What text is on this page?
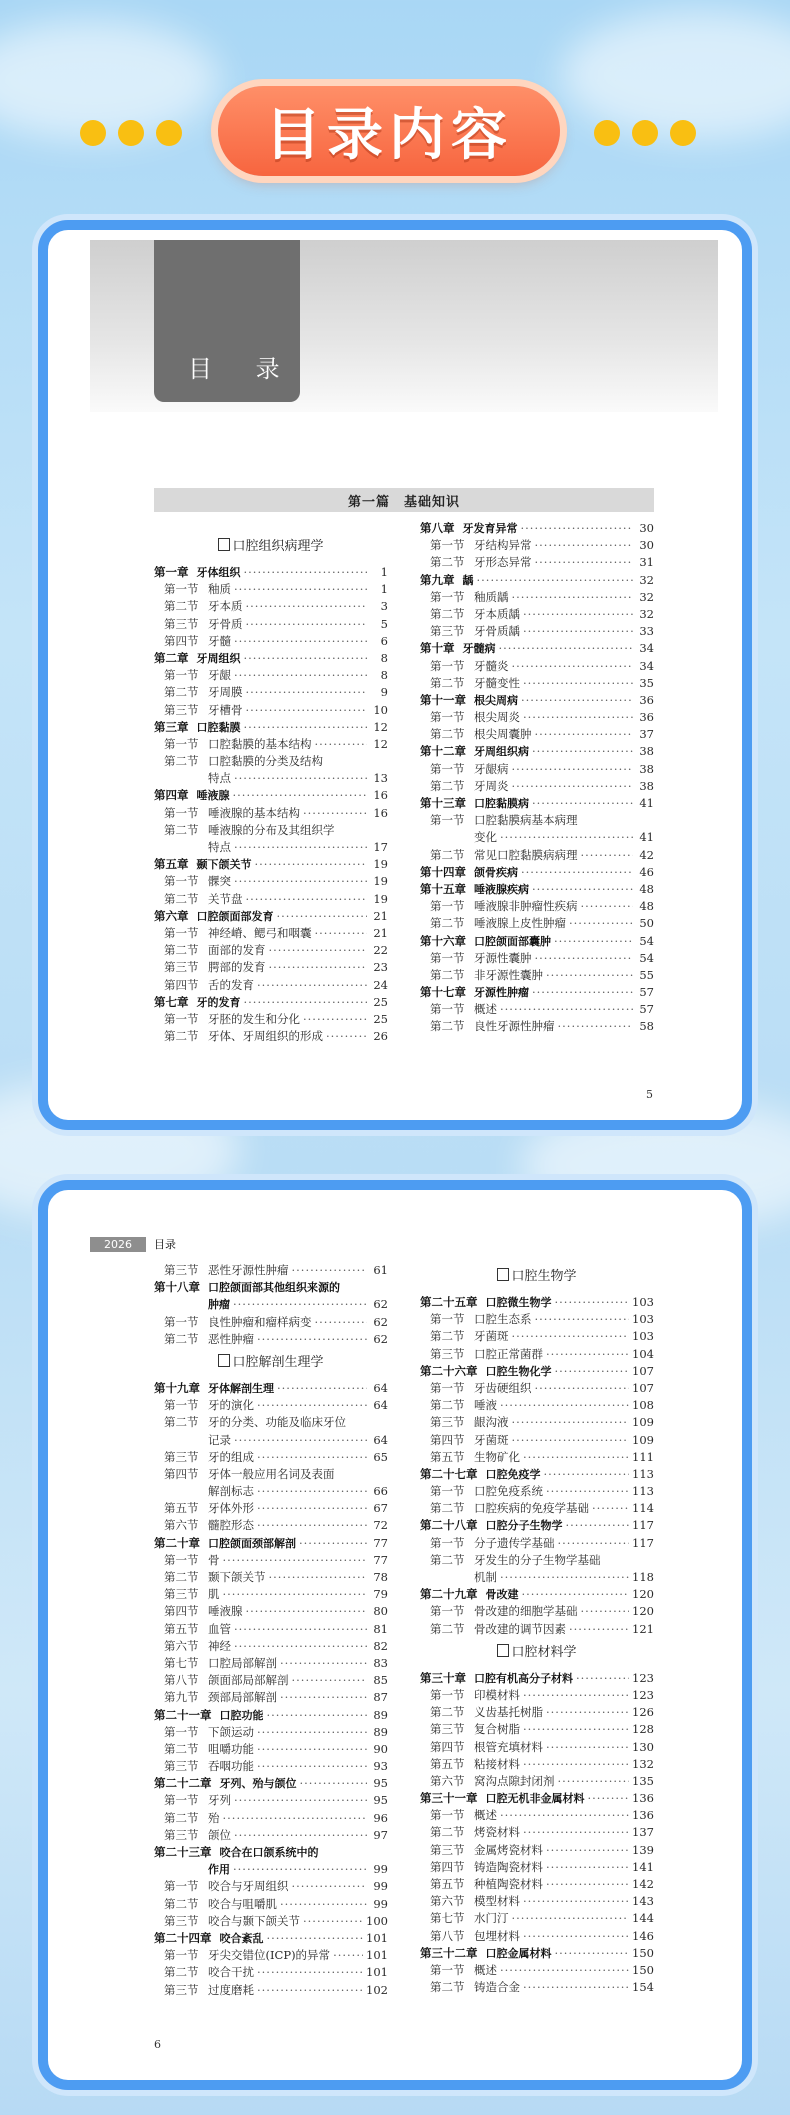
目录内容
目 录
第一篇　基础知识
口腔组织病理学
第一章 牙体组织 ·····	1
第一节 釉质 ·····	1
第二节 牙本质 ·····	3
第三节 牙骨质 ·····	5
第四节 牙髓 ·····	6
第二章 牙周组织 ·····	8
第一节 牙龈 ·····	8
第二节 牙周膜 ·····	9
第三节 牙槽骨 ·····	10
第三章 口腔黏膜 ·····	12
第一节 口腔黏膜的基本结构 ·····	12
第二节 口腔黏膜的分类及结构
特点 ·····	13
第四章 唾液腺 ·····	16
第一节 唾液腺的基本结构 ·····	16
第二节 唾液腺的分布及其组织学
特点 ·····	17
第五章 颞下颌关节 ·····	19
第一节 髁突 ·····	19
第二节 关节盘 ·····	19
第六章 口腔颌面部发育 ·····	21
第一节 神经嵴、鳃弓和咽囊 ·····	21
第二节 面部的发育 ·····	22
第三节 腭部的发育 ·····	23
第四节 舌的发育 ·····	24
第七章 牙的发育 ·····	25
第一节 牙胚的发生和分化 ·····	25
第二节 牙体、牙周组织的形成 ·····	26
第八章 牙发育异常 ·····	30
第一节 牙结构异常 ·····	30
第二节 牙形态异常 ·····	31
第九章 龋 ·····	32
第一节 釉质龋 ·····	32
第二节 牙本质龋 ·····	32
第三节 牙骨质龋 ·····	33
第十章 牙髓病 ·····	34
第一节 牙髓炎 ·····	34
第二节 牙髓变性 ·····	35
第十一章 根尖周病 ·····	36
第一节 根尖周炎 ·····	36
第二节 根尖周囊肿 ·····	37
第十二章 牙周组织病 ·····	38
第一节 牙龈病 ·····	38
第二节 牙周炎 ·····	38
第十三章 口腔黏膜病 ·····	41
第一节 口腔黏膜病基本病理
变化 ·····	41
第二节 常见口腔黏膜病病理 ·····	42
第十四章 颌骨疾病 ·····	46
第十五章 唾液腺疾病 ·····	48
第一节 唾液腺非肿瘤性疾病 ·····	48
第二节 唾液腺上皮性肿瘤 ·····	50
第十六章 口腔颌面部囊肿 ·····	54
第一节 牙源性囊肿 ·····	54
第二节 非牙源性囊肿 ·····	55
第十七章 牙源性肿瘤 ·····	57
第一节 概述 ·····	57
第二节 良性牙源性肿瘤 ·····	58
5
2026	目录
第三节 恶性牙源性肿瘤 ·····	61
第十八章 口腔颌面部其他组织来源的
肿瘤 ·····	62
第一节 良性肿瘤和瘤样病变 ·····	62
第二节 恶性肿瘤 ·····	62
口腔解剖生理学
第十九章 牙体解剖生理 ·····	64
第一节 牙的演化 ·····	64
第二节 牙的分类、功能及临床牙位
记录 ·····	64
第三节 牙的组成 ·····	65
第四节 牙体一般应用名词及表面
解剖标志 ·····	66
第五节 牙体外形 ·····	67
第六节 髓腔形态 ·····	72
第二十章 口腔颌面颈部解剖 ·····	77
第一节 骨 ·····	77
第二节 颞下颌关节 ·····	78
第三节 肌 ·····	79
第四节 唾液腺 ·····	80
第五节 血管 ·····	81
第六节 神经 ·····	82
第七节 口腔局部解剖 ·····	83
第八节 颌面部局部解剖 ·····	85
第九节 颈部局部解剖 ·····	87
第二十一章 口腔功能 ·····	89
第一节 下颌运动 ·····	89
第二节 咀嚼功能 ·····	90
第三节 吞咽功能 ·····	93
第二十二章 牙列、殆与颌位 ·····	95
第一节 牙列 ·····	95
第二节 殆 ·····	96
第三节 颌位 ·····	97
第二十三章 咬合在口颌系统中的
作用 ·····	99
第一节 咬合与牙周组织 ·····	99
第二节 咬合与咀嚼肌 ·····	99
第三节 咬合与颞下颌关节 ·····	100
第二十四章 咬合紊乱 ·····	101
第一节 牙尖交错位(ICP)的异常 ·····	101
第二节 咬合干扰 ·····	101
第三节 过度磨耗 ·····	102
口腔生物学
第二十五章 口腔微生物学 ·····	103
第一节 口腔生态系 ·····	103
第二节 牙菌斑 ·····	103
第三节 口腔正常菌群 ·····	104
第二十六章 口腔生物化学 ·····	107
第一节 牙齿硬组织 ·····	107
第二节 唾液 ·····	108
第三节 龈沟液 ·····	109
第四节 牙菌斑 ·····	109
第五节 生物矿化 ·····	111
第二十七章 口腔免疫学 ·····	113
第一节 口腔免疫系统 ·····	113
第二节 口腔疾病的免疫学基础 ·····	114
第二十八章 口腔分子生物学 ·····	117
第一节 分子遗传学基础 ·····	117
第二节 牙发生的分子生物学基础
机制 ·····	118
第二十九章 骨改建 ·····	120
第一节 骨改建的细胞学基础 ·····	120
第二节 骨改建的调节因素 ·····	121
口腔材料学
第三十章 口腔有机高分子材料 ·····	123
第一节 印模材料 ·····	123
第二节 义齿基托树脂 ·····	126
第三节 复合树脂 ·····	128
第四节 根管充填材料 ·····	130
第五节 粘接材料 ·····	132
第六节 窝沟点隙封闭剂 ·····	135
第三十一章 口腔无机非金属材料 ·····	136
第一节 概述 ·····	136
第二节 烤瓷材料 ·····	137
第三节 金属烤瓷材料 ·····	139
第四节 铸造陶瓷材料 ·····	141
第五节 种植陶瓷材料 ·····	142
第六节 模型材料 ·····	143
第七节 水门汀 ·····	144
第八节 包埋材料 ·····	146
第三十二章 口腔金属材料 ·····	150
第一节 概述 ·····	150
第二节 铸造合金 ·····	154
6
